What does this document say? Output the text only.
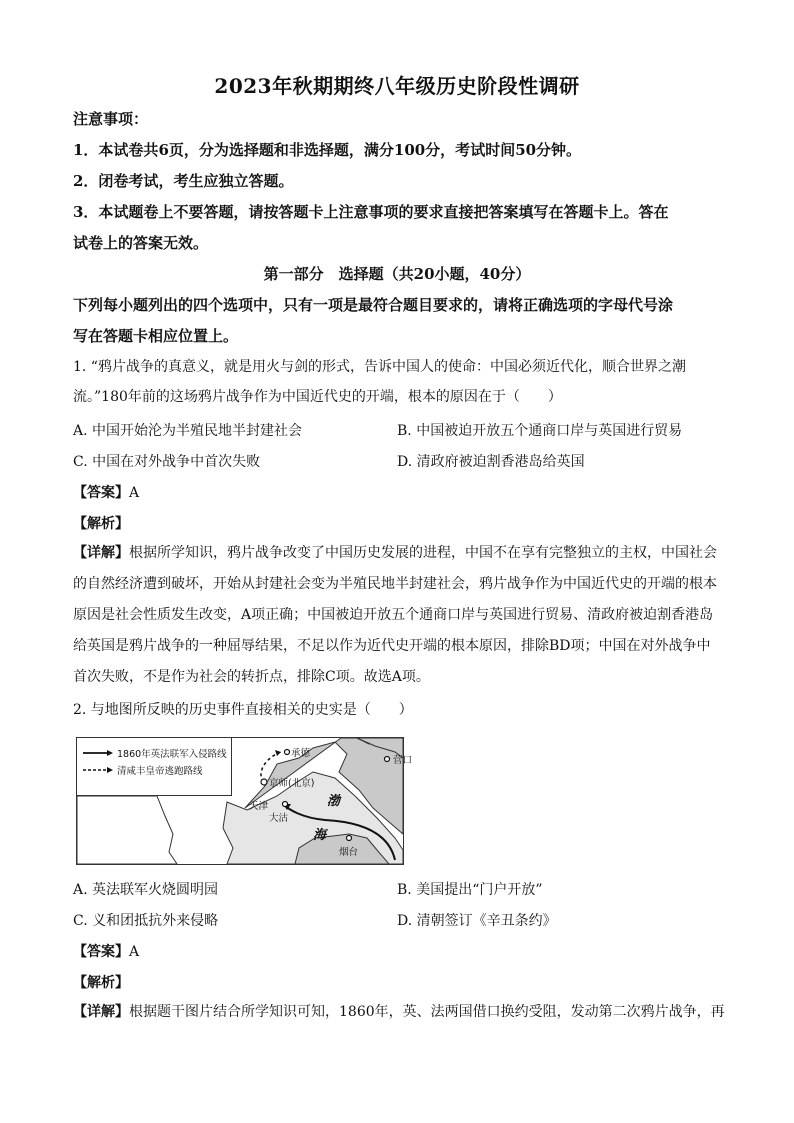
2023年秋期期终八年级历史阶段性调研
注意事项：
1．本试卷共6页，分为选择题和非选择题，满分100分，考试时间50分钟。
2．闭卷考试，考生应独立答题。
3．本试题卷上不要答题，请按答题卡上注意事项的要求直接把答案填写在答题卡上。答在
试卷上的答案无效。
第一部分　选择题（共20小题，40分）
下列每小题列出的四个选项中，只有一项是最符合题目要求的，请将正确选项的字母代号涂
写在答题卡相应位置上。
1. “鸦片战争的真意义，就是用火与剑的形式，告诉中国人的使命：中国必须近代化，顺合世界之潮
流。”180年前的这场鸦片战争作为中国近代史的开端，根本的原因在于（　　）
A. 中国开始沦为半殖民地半封建社会	B. 中国被迫开放五个通商口岸与英国进行贸易
C. 中国在对外战争中首次失败	D. 清政府被迫割香港岛给英国
【答案】A
【解析】
【详解】根据所学知识，鸦片战争改变了中国历史发展的进程，中国不在享有完整独立的主权，中国社会
的自然经济遭到破坏，开始从封建社会变为半殖民地半封建社会，鸦片战争作为中国近代史的开端的根本
原因是社会性质发生改变，A项正确；中国被迫开放五个通商口岸与英国进行贸易、清政府被迫割香港岛
给英国是鸦片战争的一种屈辱结果，不足以作为近代史开端的根本原因，排除BD项；中国在对外战争中
首次失败，不是作为社会的转折点，排除C项。故选A项。
2. 与地图所反映的历史事件直接相关的史实是（　　）
1860年英法联军入侵路线
清咸丰皇帝逃跑路线
承德
营口
京师(北京)
天津
大沽
渤
海
烟台
A. 英法联军火烧圆明园	B. 美国提出“门户开放”
C. 义和团抵抗外来侵略	D. 清朝签订《辛丑条约》
【答案】A
【解析】
【详解】根据题干图片结合所学知识可知，1860年，英、法两国借口换约受阻，发动第二次鸦片战争，再
